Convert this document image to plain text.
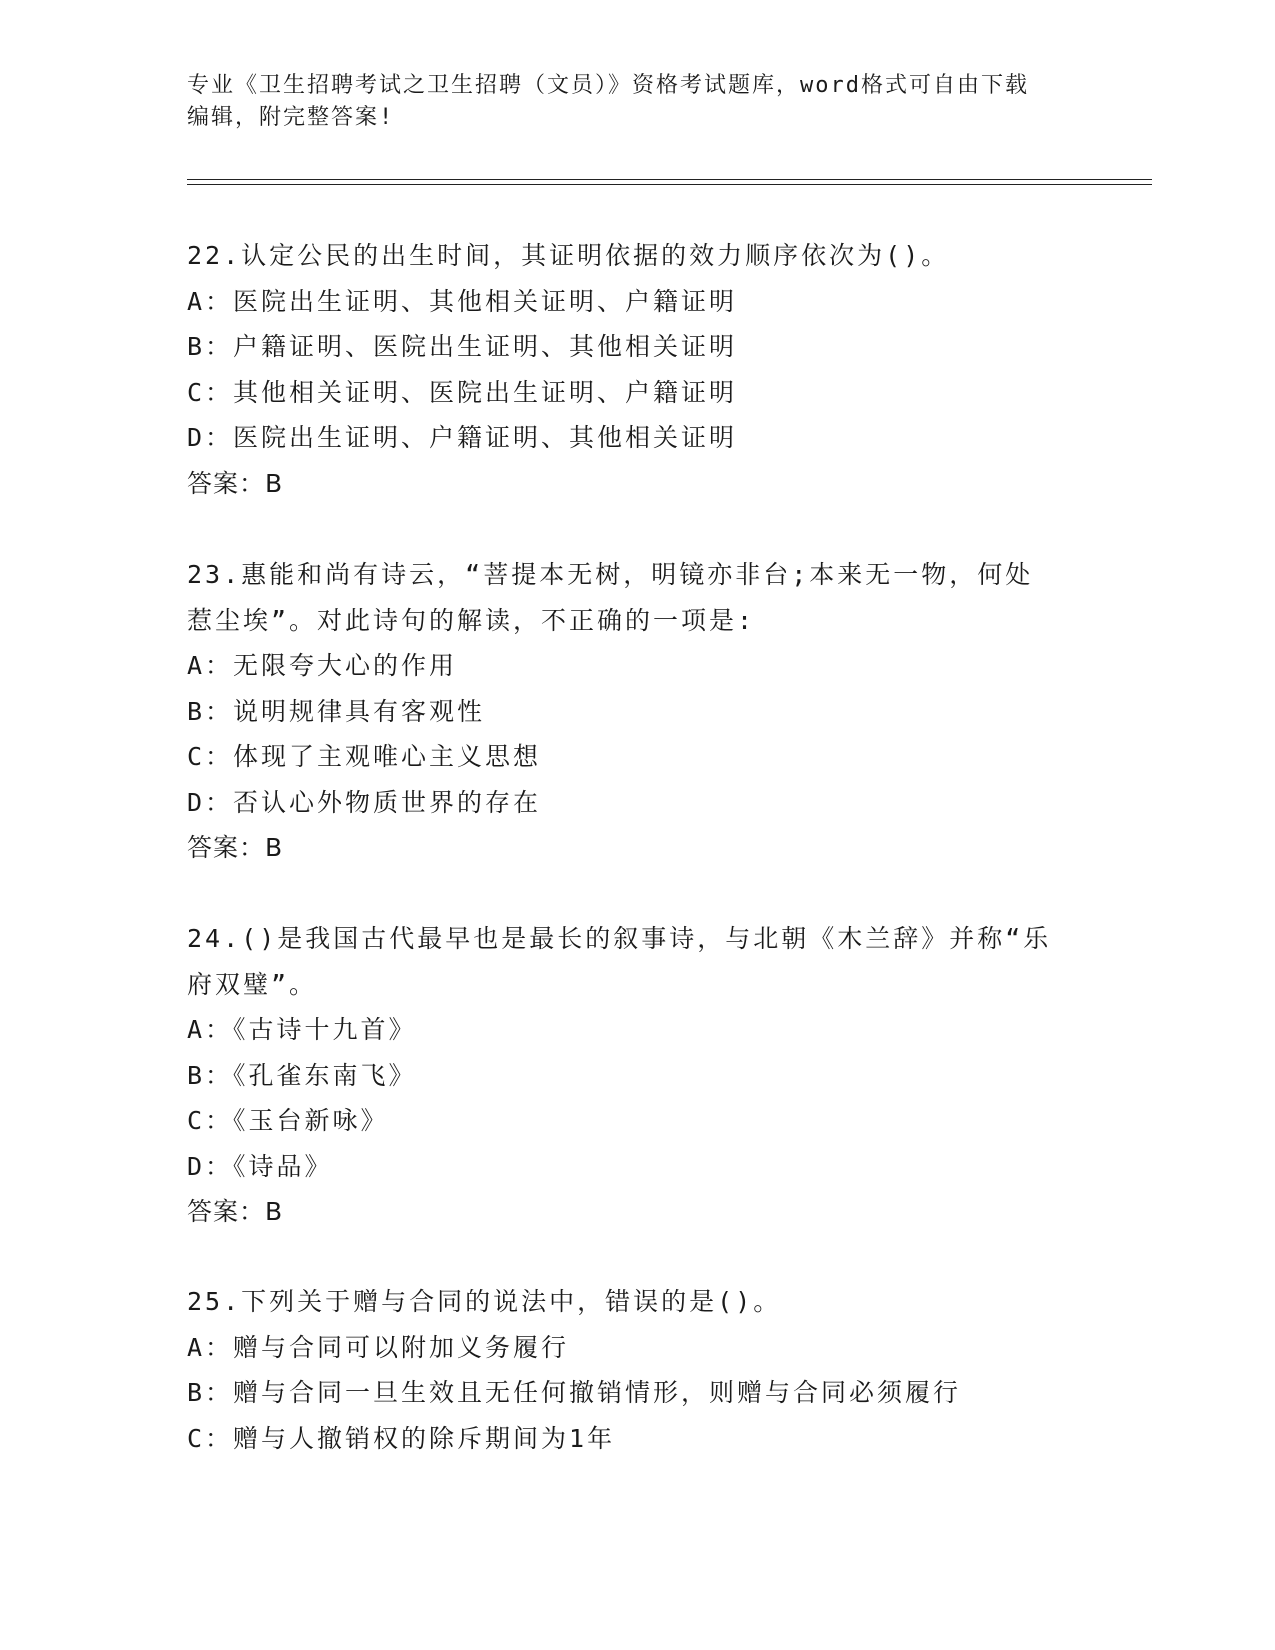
专业《卫生招聘考试之卫生招聘（文员）》资格考试题库，word格式可自由下载
编辑，附完整答案!
22.认定公民的出生时间，其证明依据的效力顺序依次为()。
A：医院出生证明、其他相关证明、户籍证明
B：户籍证明、医院出生证明、其他相关证明
C：其他相关证明、医院出生证明、户籍证明
D：医院出生证明、户籍证明、其他相关证明
答案：B
23.惠能和尚有诗云，“菩提本无树，明镜亦非台;本来无一物，何处
惹尘埃”。对此诗句的解读，不正确的一项是:
A：无限夸大心的作用
B：说明规律具有客观性
C：体现了主观唯心主义思想
D：否认心外物质世界的存在
答案：B
24.()是我国古代最早也是最长的叙事诗，与北朝《木兰辞》并称“乐
府双璧”。
A：《古诗十九首》
B：《孔雀东南飞》
C：《玉台新咏》
D：《诗品》
答案：B
25.下列关于赠与合同的说法中，错误的是()。
A：赠与合同可以附加义务履行
B：赠与合同一旦生效且无任何撤销情形，则赠与合同必须履行
C：赠与人撤销权的除斥期间为1年
